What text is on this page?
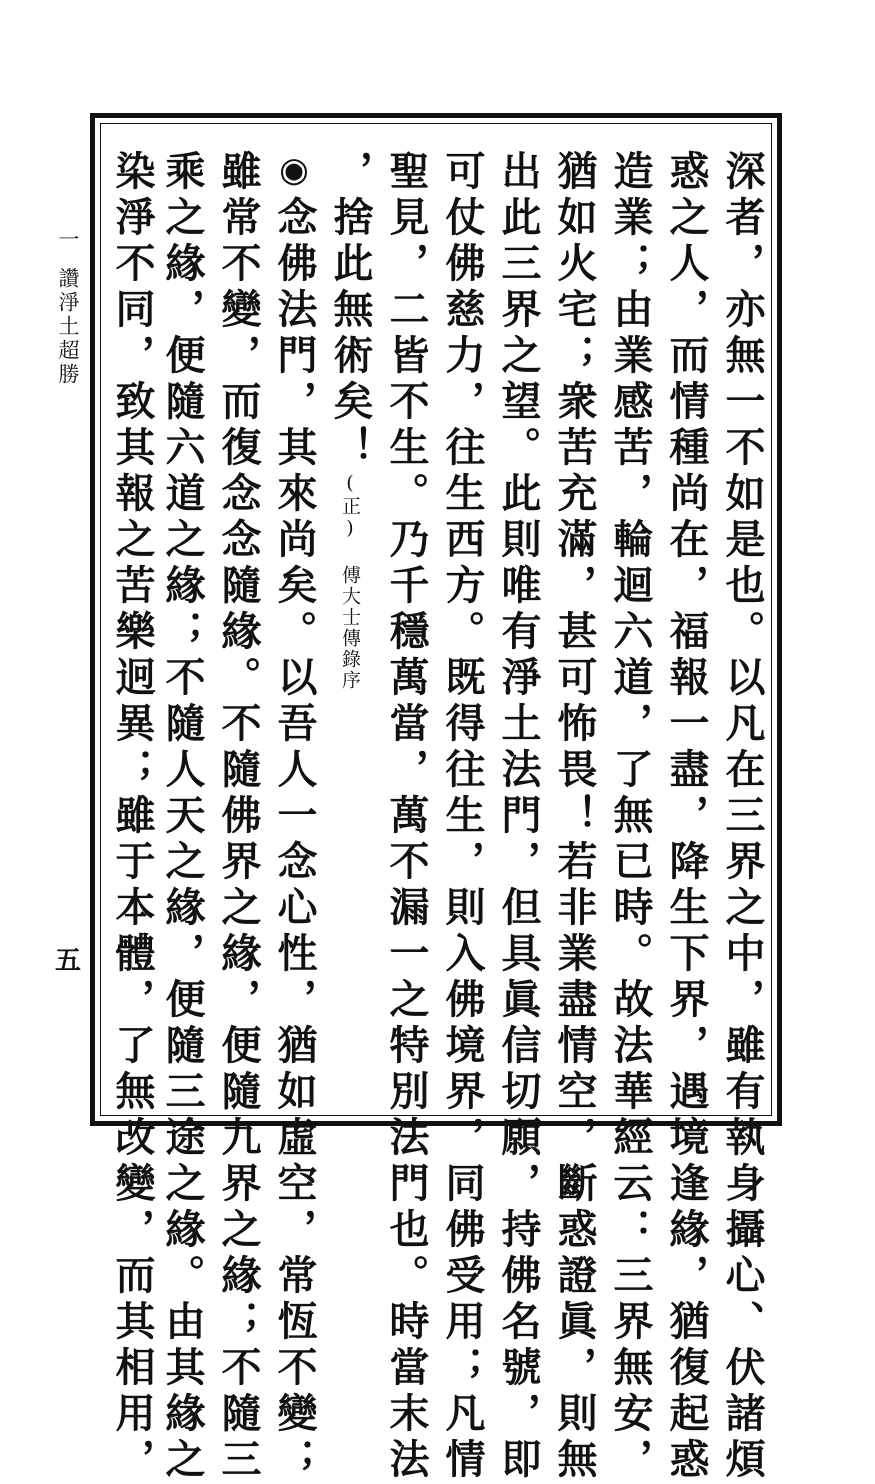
一讚淨土超勝
五	深者，亦無一不如是也。以凡在三界之中，雖有執身攝心、伏諸煩
惑之人，而情種尚在，福報一盡，降生下界，遇境逢緣，猶復起惑
造業；由業感苦，輪迴六道，了無已時。故法華經云：三界無安，
猶如火宅；衆苦充滿，甚可怖畏！若非業盡情空，斷惑證眞，則無
出此三界之望。此則唯有淨土法門，但具眞信切願，持佛名號，即
可仗佛慈力，往生西方。既得往生，則入佛境界，同佛受用；凡情
聖見，二皆不生。乃千穩萬當，萬不漏一之特別法門也。時當末法
，捨此無術矣！(正) 傅大士傳錄序
◉念佛法門，其來尚矣。以吾人一念心性，猶如虛空，常恆不變；
雖常不變，而復念念隨緣。不隨佛界之緣，便隨九界之緣；不隨三
乘之緣，便隨六道之緣；不隨人天之緣，便隨三途之緣。由其緣之
染淨不同，致其報之苦樂迥異；雖于本體，了無改變，而其相用，
